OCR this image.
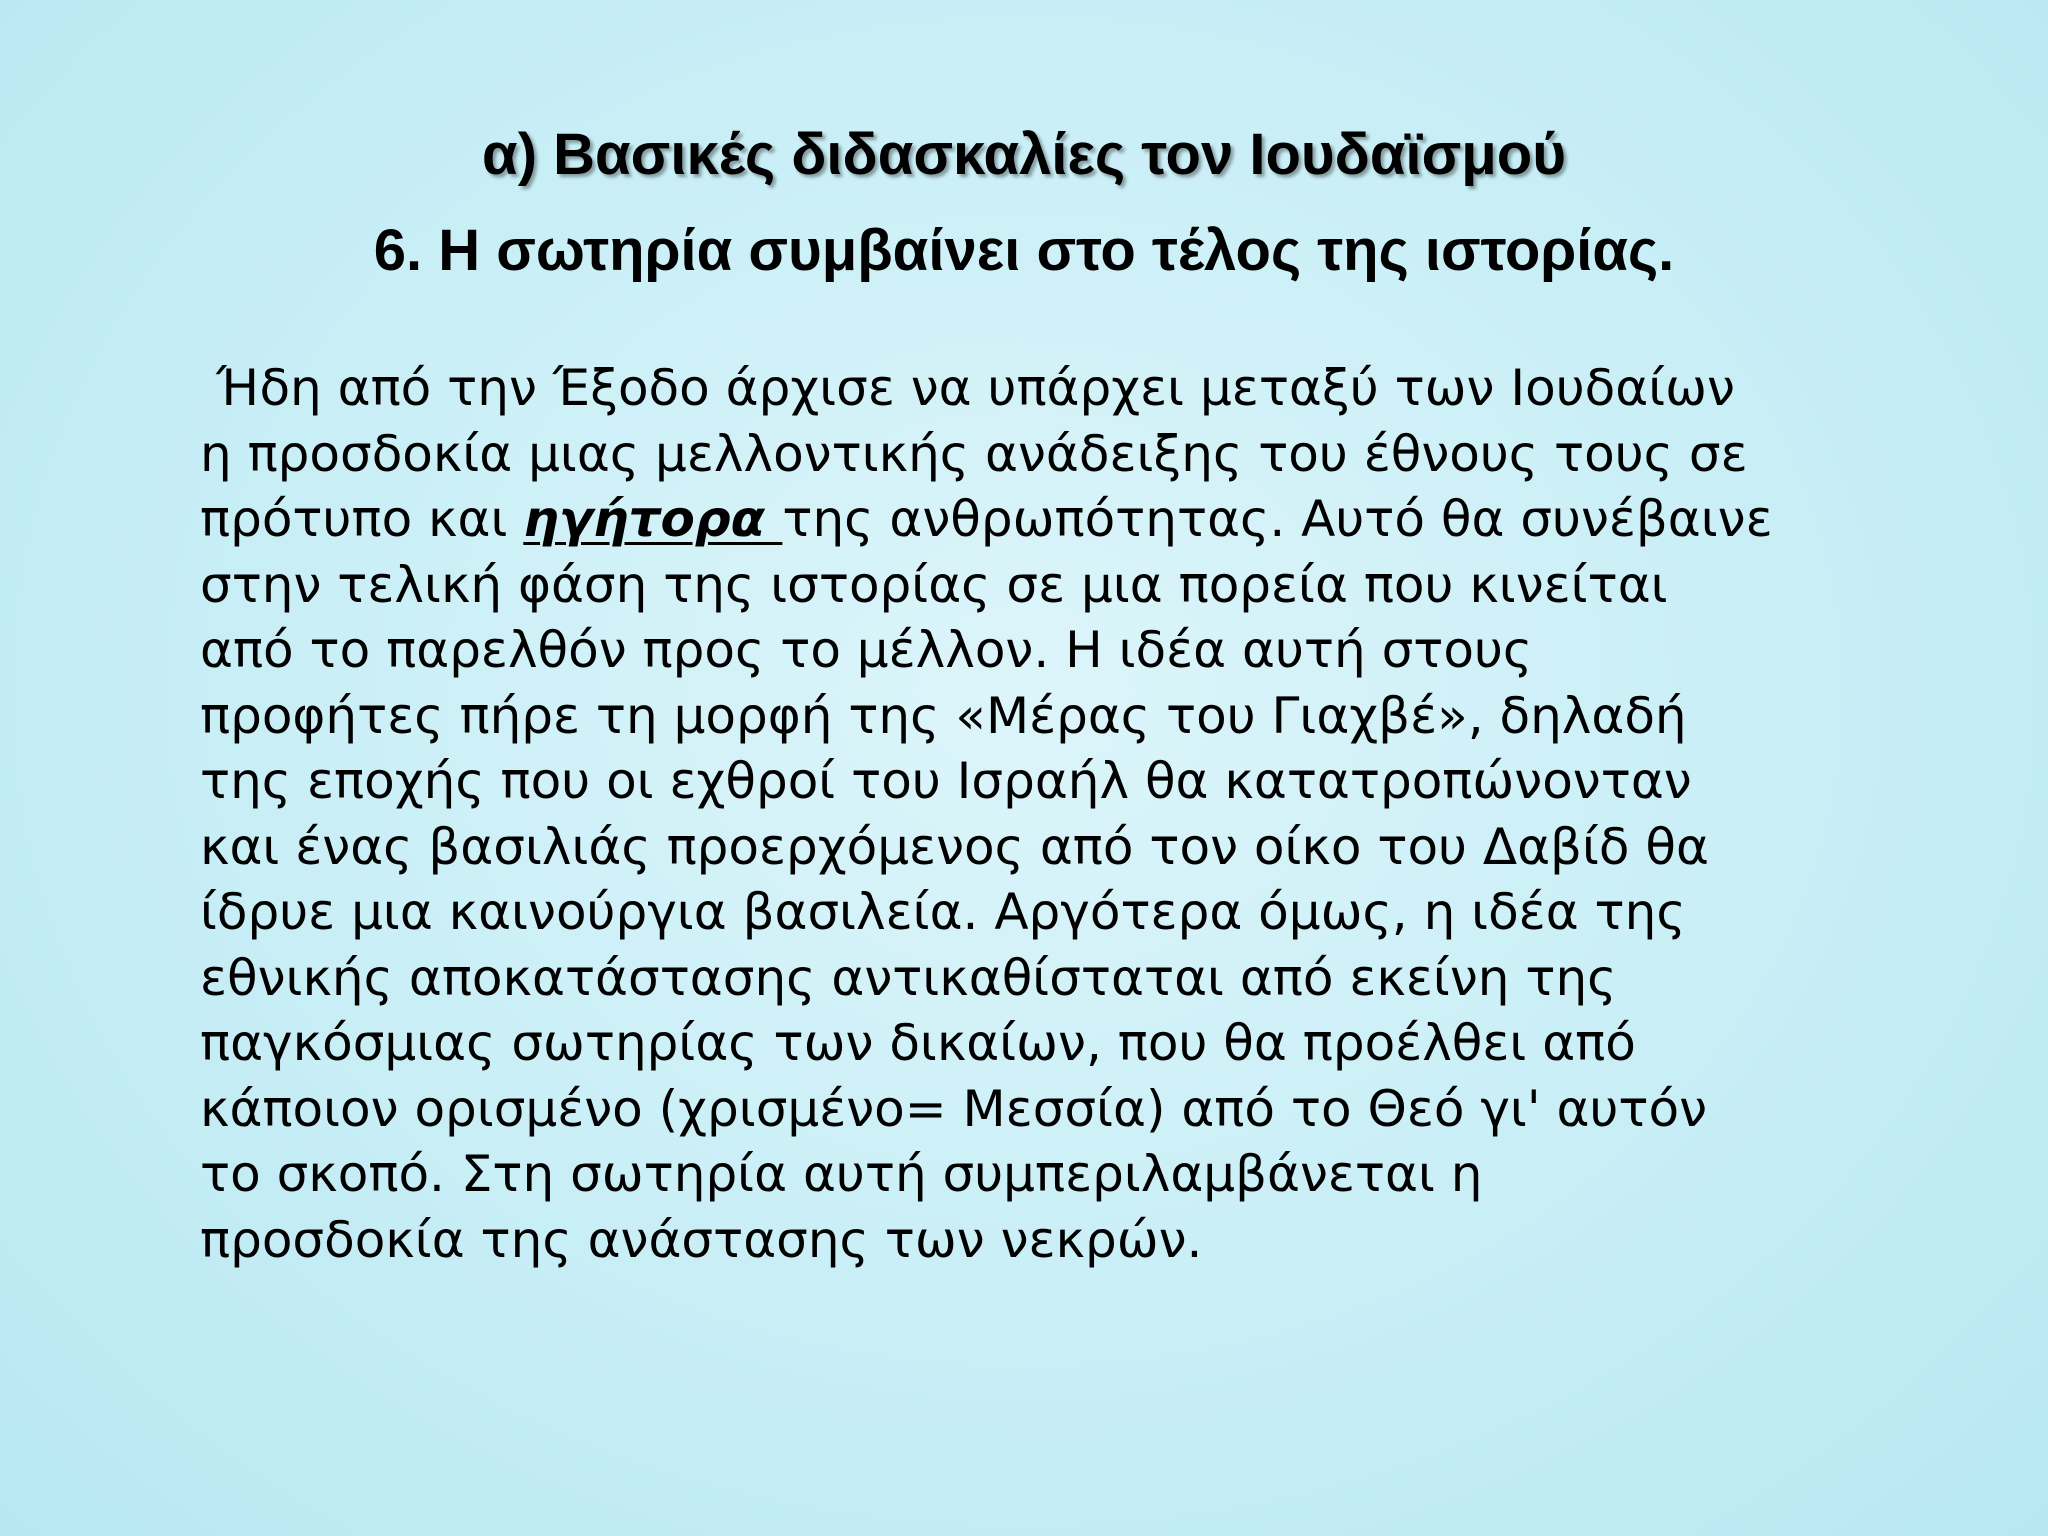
α) Βασικές διδασκαλίες τον Ιουδαϊσμού
6. Η σωτηρία συμβαίνει στο τέλος της ιστορίας.
Ήδη από την Έξοδο άρχισε να υπάρχει μεταξύ των Ιουδαίων
η προσδοκία μιας μελλοντικής ανάδειξης του έθνους τους σε
πρότυπο και ηγήτορα της ανθρωπότητας. Αυτό θα συνέβαινε
στην τελική φάση της ιστορίας σε μια πορεία που κινείται
από το παρελθόν προς το μέλλον. Η ιδέα αυτή στους
προφήτες πήρε τη μορφή της «Μέρας του Γιαχβέ», δηλαδή
της εποχής που οι εχθροί του Ισραήλ θα κατατροπώνονταν
και ένας βασιλιάς προερχόμενος από τον οίκο του Δαβίδ θα
ίδρυε μια καινούργια βασιλεία. Αργότερα όμως, η ιδέα της
εθνικής αποκατάστασης αντικαθίσταται από εκείνη της
παγκόσμιας σωτηρίας των δικαίων, που θα προέλθει από
κάποιον ορισμένο (χρισμένο= Μεσσία) από το Θεό γι' αυτόν
το σκοπό. Στη σωτηρία αυτή συμπεριλαμβάνεται η
προσδοκία της ανάστασης των νεκρών.
